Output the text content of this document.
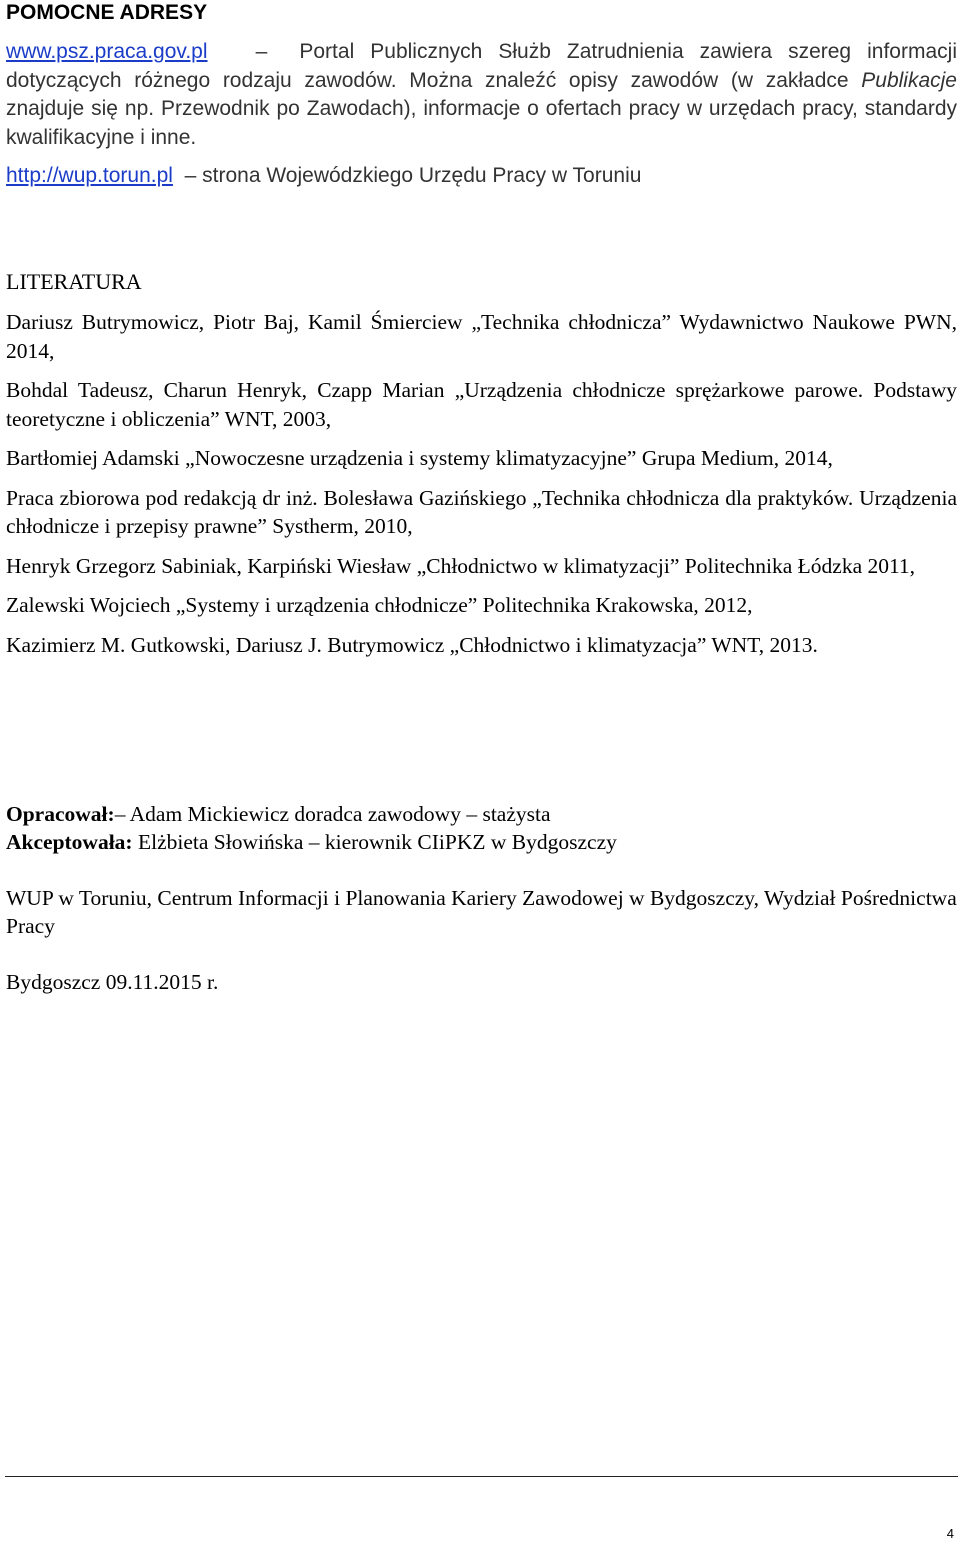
POMOCNE ADRESY

www.psz.praca.gov.pl – Portal Publicznych Służb Zatrudnienia zawiera szereg informacji dotyczących różnego rodzaju zawodów. Można znaleźć opisy zawodów (w zakładce Publikacje znajduje się np. Przewodnik po Zawodach), informacje o ofertach pracy w urzędach pracy, standardy kwalifikacyjne i inne.

http://wup.torun.pl – strona Wojewódzkiego Urzędu Pracy w Toruniu

LITERATURA

Dariusz Butrymowicz, Piotr Baj, Kamil Śmierciew „Technika chłodnicza” Wydawnictwo Naukowe PWN, 2014,

Bohdal Tadeusz, Charun Henryk, Czapp Marian „Urządzenia chłodnicze sprężarkowe parowe. Podstawy teoretyczne i obliczenia” WNT, 2003,

Bartłomiej Adamski „Nowoczesne urządzenia i systemy klimatyzacyjne” Grupa Medium, 2014,

Praca zbiorowa pod redakcją dr inż. Bolesława Gazińskiego „Technika chłodnicza dla praktyków. Urządzenia chłodnicze i przepisy prawne” Systherm, 2010,

Henryk Grzegorz Sabiniak, Karpiński Wiesław „Chłodnictwo w klimatyzacji” Politechnika Łódzka 2011,

Zalewski Wojciech „Systemy i urządzenia chłodnicze” Politechnika Krakowska, 2012,

Kazimierz M. Gutkowski, Dariusz J. Butrymowicz „Chłodnictwo i klimatyzacja” WNT, 2013.

Opracował:– Adam Mickiewicz doradca zawodowy – stażysta

Akceptowała: Elżbieta Słowińska – kierownik CIiPKZ w Bydgoszczy

WUP w Toruniu, Centrum Informacji i Planowania Kariery Zawodowej w Bydgoszczy, Wydział Pośrednictwa Pracy

Bydgoszcz 09.11.2015 r.

4
